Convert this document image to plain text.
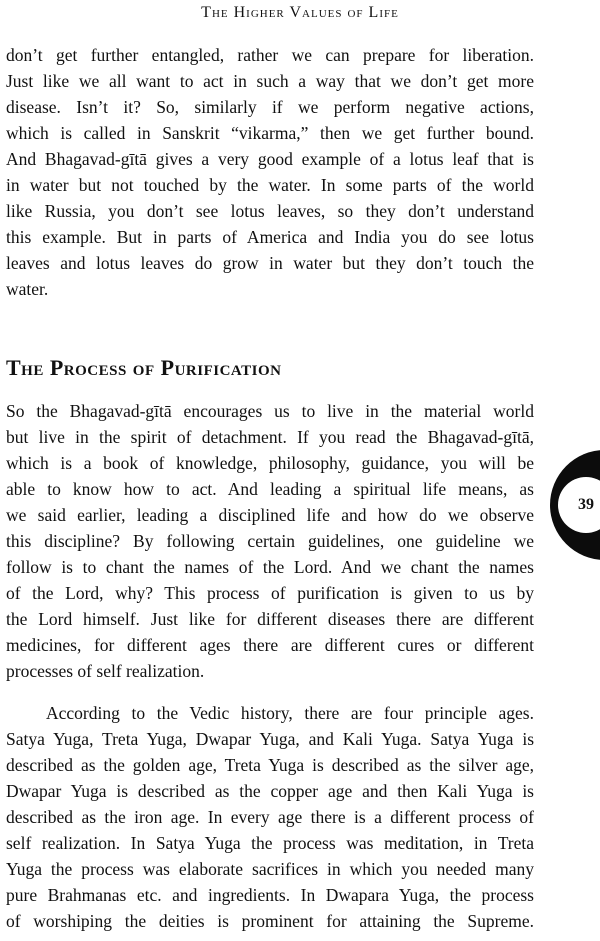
The Higher Values of Life

don’t get further entangled, rather we can prepare for liberation.

Just like we all want to act in such a way that we don’t get more

disease. Isn’t it? So, similarly if we perform negative actions,

which is called in Sanskrit “vikarma,” then we get further bound.

And Bhagavad-gītā gives a very good example of a lotus leaf that is

in water but not touched by the water. In some parts of the world

like Russia, you don’t see lotus leaves, so they don’t understand

this example. But in parts of America and India you do see lotus

leaves and lotus leaves do grow in water but they don’t touch the

water.

The Process of Purification

So the Bhagavad-gītā encourages us to live in the material world

but live in the spirit of detachment. If you read the Bhagavad-gītā,

which is a book of knowledge, philosophy, guidance, you will be

able to know how to act. And leading a spiritual life means, as

we said earlier, leading a disciplined life and how do we observe

this discipline? By following certain guidelines, one guideline we

follow is to chant the names of the Lord. And we chant the names

of the Lord, why? This process of purification is given to us by

the Lord himself. Just like for different diseases there are different

medicines, for different ages there are different cures or different

processes of self realization.

According to the Vedic history, there are four principle ages.

Satya Yuga, Treta Yuga, Dwapar Yuga, and Kali Yuga. Satya Yuga is

described as the golden age, Treta Yuga is described as the silver age,

Dwapar Yuga is described as the copper age and then Kali Yuga is

described as the iron age. In every age there is a different process of

self realization. In Satya Yuga the process was meditation, in Treta

Yuga the process was elaborate sacrifices in which you needed many

pure Brahmanas etc. and ingredients. In Dwapara Yuga, the process

of worshiping the deities is prominent for attaining the Supreme.

39
